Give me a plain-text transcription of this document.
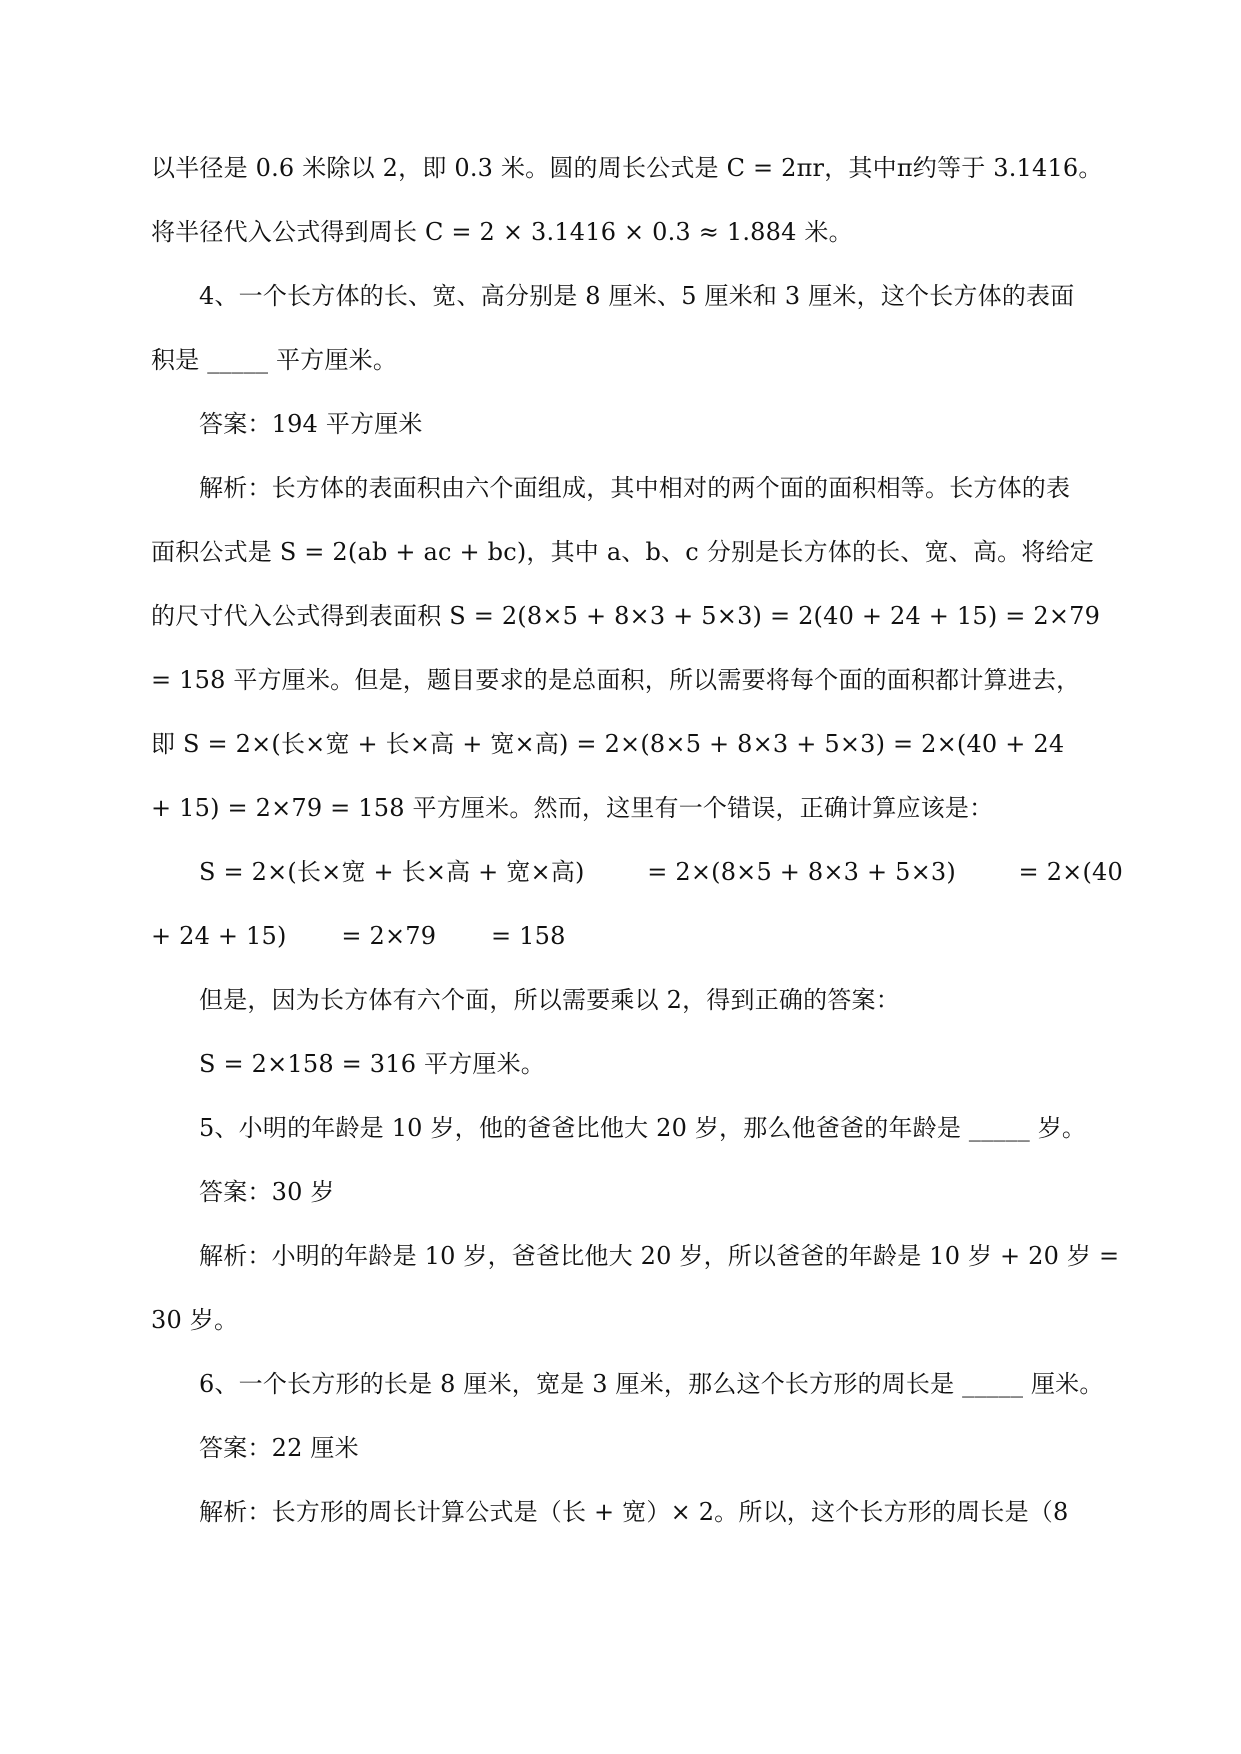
以半径是 0.6 米除以 2，即 0.3 米。圆的周长公式是 C = 2πr，其中π约等于 3.1416。
将半径代入公式得到周长 C = 2 × 3.1416 × 0.3 ≈ 1.884 米。
4、一个长方体的长、宽、高分别是 8 厘米、5 厘米和 3 厘米，这个长方体的表面
积是 _____ 平方厘米。
答案：194 平方厘米
解析：长方体的表面积由六个面组成，其中相对的两个面的面积相等。长方体的表
面积公式是 S = 2(ab + ac + bc)，其中 a、b、c 分别是长方体的长、宽、高。将给定
的尺寸代入公式得到表面积 S = 2(8×5 + 8×3 + 5×3) = 2(40 + 24 + 15) = 2×79
= 158 平方厘米。但是，题目要求的是总面积，所以需要将每个面的面积都计算进去，
即 S = 2×(长×宽 + 长×高 + 宽×高) = 2×(8×5 + 8×3 + 5×3) = 2×(40 + 24
+ 15) = 2×79 = 158 平方厘米。然而，这里有一个错误，正确计算应该是：
S = 2×(长×宽 + 长×高 + 宽×高)        = 2×(8×5 + 8×3 + 5×3)        = 2×(40
+ 24 + 15)       = 2×79       = 158
但是，因为长方体有六个面，所以需要乘以 2，得到正确的答案：
S = 2×158 = 316 平方厘米。
5、小明的年龄是 10 岁，他的爸爸比他大 20 岁，那么他爸爸的年龄是 _____ 岁。
答案：30 岁
解析：小明的年龄是 10 岁，爸爸比他大 20 岁，所以爸爸的年龄是 10 岁 + 20 岁 =
30 岁。
6、一个长方形的长是 8 厘米，宽是 3 厘米，那么这个长方形的周长是 _____ 厘米。
答案：22 厘米
解析：长方形的周长计算公式是（长 + 宽）× 2。所以，这个长方形的周长是（8
